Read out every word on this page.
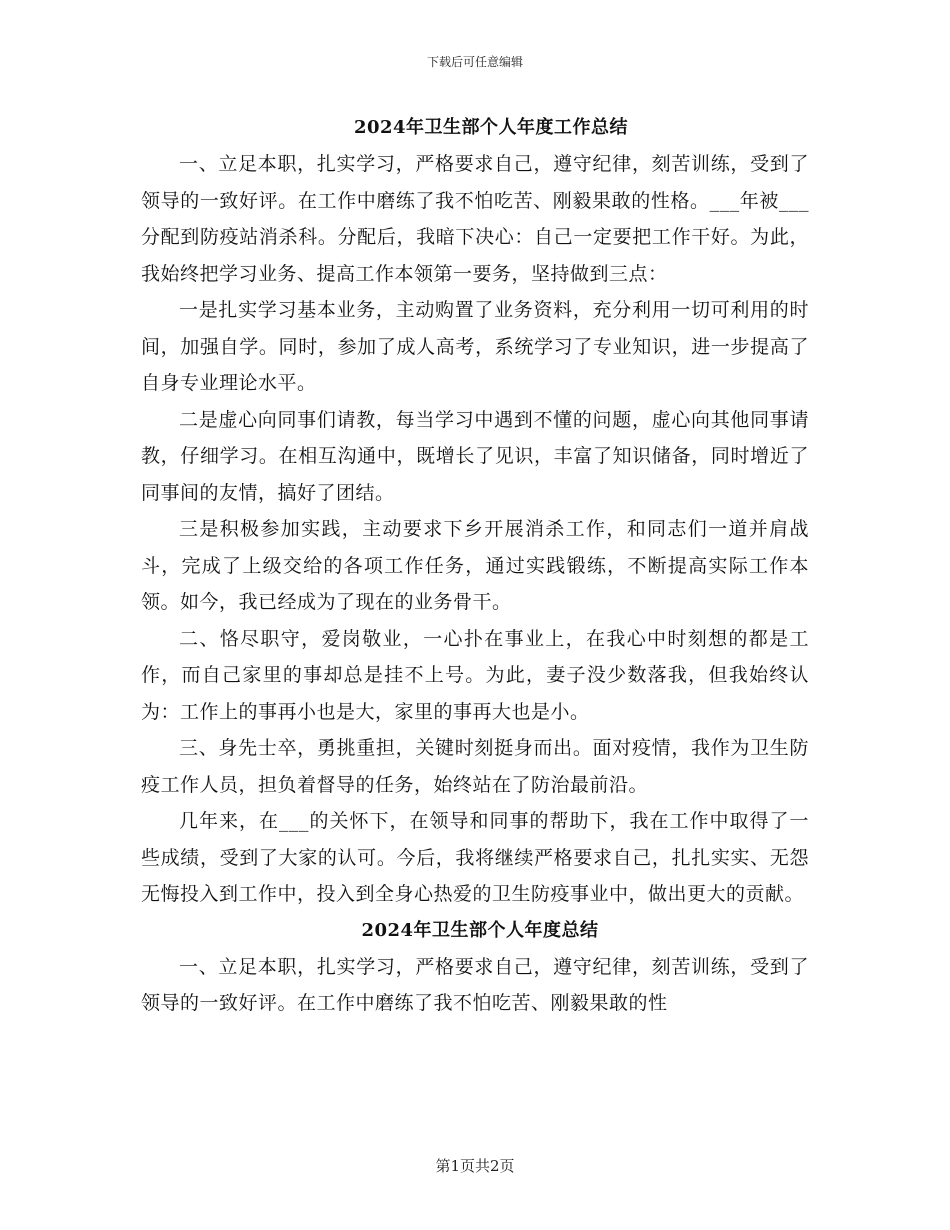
下载后可任意编辑
2024年卫生部个人年度工作总结

一、立足本职，扎实学习，严格要求自己，遵守纪律，刻苦训练，受到了领导的一致好评。在工作中磨练了我不怕吃苦、刚毅果敢的性格。___年被___分配到防疫站消杀科。分配后，我暗下决心：自己一定要把工作干好。为此，我始终把学习业务、提高工作本领第一要务，坚持做到三点：

一是扎实学习基本业务，主动购置了业务资料，充分利用一切可利用的时间，加强自学。同时，参加了成人高考，系统学习了专业知识，进一步提高了自身专业理论水平。

二是虚心向同事们请教，每当学习中遇到不懂的问题，虚心向其他同事请教，仔细学习。在相互沟通中，既增长了见识，丰富了知识储备，同时增近了同事间的友情，搞好了团结。

三是积极参加实践，主动要求下乡开展消杀工作，和同志们一道并肩战斗，完成了上级交给的各项工作任务，通过实践锻练，不断提高实际工作本领。如今，我已经成为了现在的业务骨干。

二、恪尽职守，爱岗敬业，一心扑在事业上，在我心中时刻想的都是工作，而自己家里的事却总是挂不上号。为此，妻子没少数落我，但我始终认为：工作上的事再小也是大，家里的事再大也是小。

三、身先士卒，勇挑重担，关键时刻挺身而出。面对疫情，我作为卫生防疫工作人员，担负着督导的任务，始终站在了防治最前沿。

几年来，在___的关怀下，在领导和同事的帮助下，我在工作中取得了一些成绩，受到了大家的认可。今后，我将继续严格要求自己，扎扎实实、无怨无悔投入到工作中，投入到全身心热爱的卫生防疫事业中，做出更大的贡献。

2024年卫生部个人年度总结

一、立足本职，扎实学习，严格要求自己，遵守纪律，刻苦训练，受到了领导的一致好评。在工作中磨练了我不怕吃苦、刚毅果敢的性

第1页共2页
